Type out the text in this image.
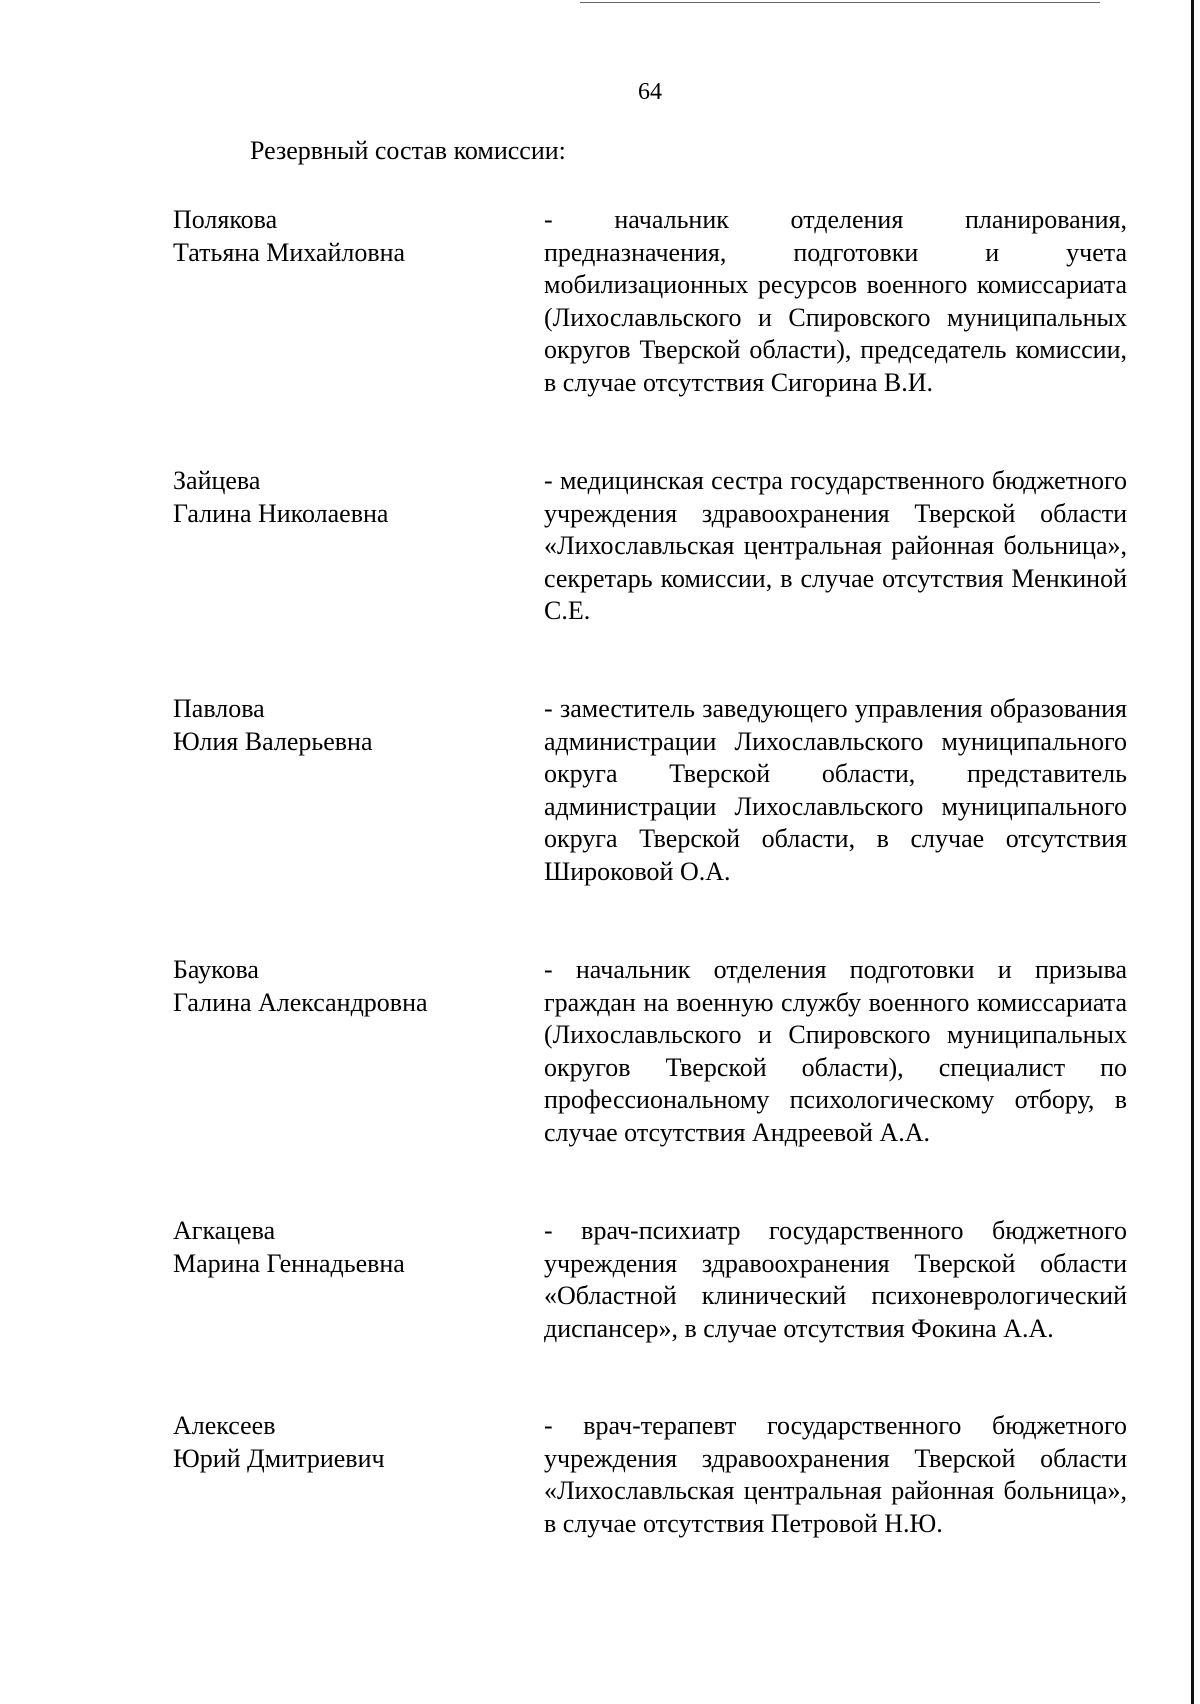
64
Резервный состав комиссии:
Полякова
Татьяна Михайловна
- начальник отделения планирования, предназначения, подготовки и учета мобилизационных ресурсов военного комиссариата (Лихославльского и Спировского муниципальных округов Тверской области), председатель комиссии, в случае отсутствия Сигорина В.И.
Зайцева
Галина Николаевна
- медицинская сестра государственного бюджетного учреждения здравоохранения Тверской области «Лихославльская центральная районная больница», секретарь комиссии, в случае отсутствия Менкиной С.Е.
Павлова
Юлия Валерьевна
- заместитель заведующего управления образования администрации Лихославльского муниципального округа Тверской области, представитель администрации Лихославльского муниципального округа Тверской области, в случае отсутствия Широковой О.А.
Баукова
Галина Александровна
- начальник отделения подготовки и призыва граждан на военную службу военного комиссариата (Лихославльского и Спировского муниципальных округов Тверской области), специалист по профессиональному психологическому отбору, в случае отсутствия Андреевой А.А.
Агкацева
Марина Геннадьевна
- врач-психиатр государственного бюджетного учреждения здравоохранения Тверской области «Областной клинический психоневрологический диспансер», в случае отсутствия Фокина А.А.
Алексеев
Юрий Дмитриевич
- врач-терапевт государственного бюджетного учреждения здравоохранения Тверской области «Лихославльская центральная районная больница», в случае отсутствия Петровой Н.Ю.
